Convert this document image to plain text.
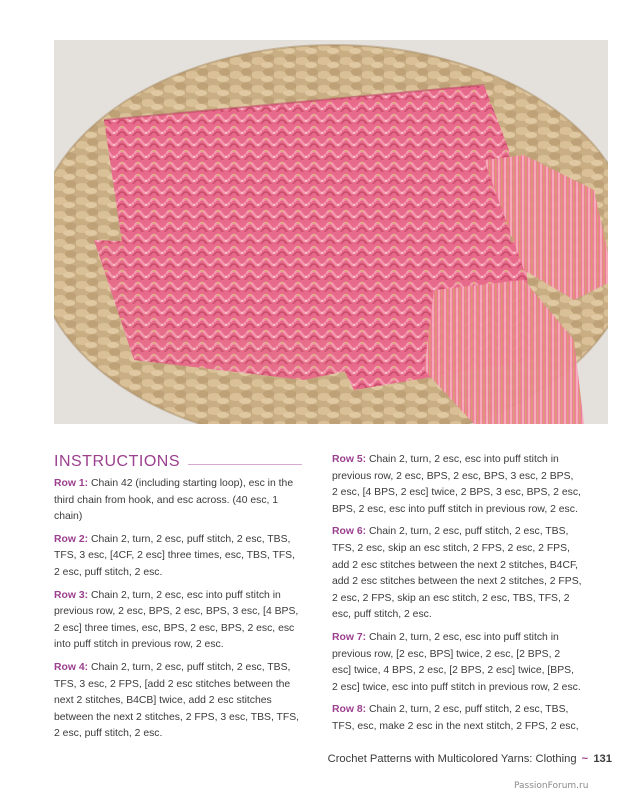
INSTRUCTIONS

Row 1: Chain 42 (including starting loop), esc in the third chain from hook, and esc across. (40 esc, 1 chain)

Row 2: Chain 2, turn, 2 esc, puff stitch, 2 esc, TBS, TFS, 3 esc, [4CF, 2 esc] three times, esc, TBS, TFS, 2 esc, puff stitch, 2 esc.

Row 3: Chain 2, turn, 2 esc, esc into puff stitch in previous row, 2 esc, BPS, 2 esc, BPS, 3 esc, [4 BPS, 2 esc] three times, esc, BPS, 2 esc, BPS, 2 esc, esc into puff stitch in previous row, 2 esc.

Row 4: Chain 2, turn, 2 esc, puff stitch, 2 esc, TBS, TFS, 3 esc, 2 FPS, [add 2 esc stitches between the next 2 stitches, B4CB] twice, add 2 esc stitches between the next 2 stitches, 2 FPS, 3 esc, TBS, TFS, 2 esc, puff stitch, 2 esc.

Row 5: Chain 2, turn, 2 esc, esc into puff stitch in previous row, 2 esc, BPS, 2 esc, BPS, 3 esc, 2 BPS, 2 esc, [4 BPS, 2 esc] twice, 2 BPS, 3 esc, BPS, 2 esc, BPS, 2 esc, esc into puff stitch in previous row, 2 esc.

Row 6: Chain 2, turn, 2 esc, puff stitch, 2 esc, TBS, TFS, 2 esc, skip an esc stitch, 2 FPS, 2 esc, 2 FPS, add 2 esc stitches between the next 2 stitches, B4CF, add 2 esc stitches between the next 2 stitches, 2 FPS, 2 esc, 2 FPS, skip an esc stitch, 2 esc, TBS, TFS, 2 esc, puff stitch, 2 esc.

Row 7: Chain 2, turn, 2 esc, esc into puff stitch in previous row, [2 esc, BPS] twice, 2 esc, [2 BPS, 2 esc] twice, 4 BPS, 2 esc, [2 BPS, 2 esc] twice, [BPS, 2 esc] twice, esc into puff stitch in previous row, 2 esc.

Row 8: Chain 2, turn, 2 esc, puff stitch, 2 esc, TBS, TFS, esc, make 2 esc in the next stitch, 2 FPS, 2 esc,

Crochet Patterns with Multicolored Yarns: Clothing ~ 131
PassionForum.ru
